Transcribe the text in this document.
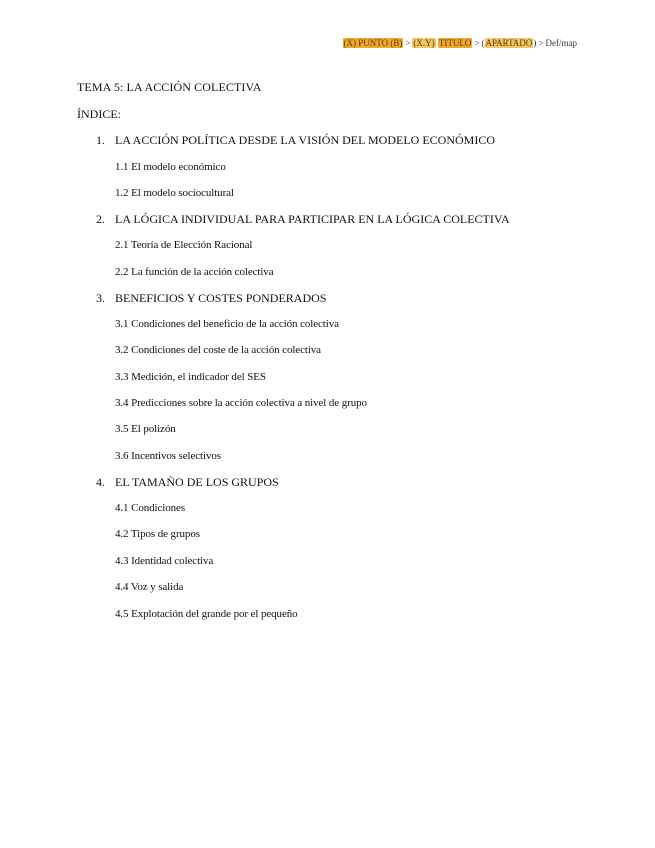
(X) PUNTO (B) > (X.Y) TITULO > (APARTADO) > Def/map
TEMA 5: LA ACCIÓN COLECTIVA
ÍNDICE:
1. LA ACCIÓN POLÍTICA DESDE LA VISIÓN DEL MODELO ECONÓMICO
1.1 El modelo económico
1.2 El modelo sociocultural
2. LA LÓGICA INDIVIDUAL PARA PARTICIPAR EN LA LÓGICA COLECTIVA
2.1 Teoría de Elección Racional
2.2 La función de la acción colectiva
3. BENEFICIOS Y COSTES PONDERADOS
3.1 Condiciones del beneficio de la acción colectiva
3.2 Condiciones del coste de la acción colectiva
3.3 Medición, el indicador del SES
3.4 Predicciones sobre la acción colectiva a nivel de grupo
3.5 El polizón
3.6 Incentivos selectivos
4. EL TAMAÑO DE LOS GRUPOS
4.1 Condiciones
4.2 Tipos de grupos
4.3 Identidad colectiva
4.4 Voz y salida
4.5 Explotación del grande por el pequeño
